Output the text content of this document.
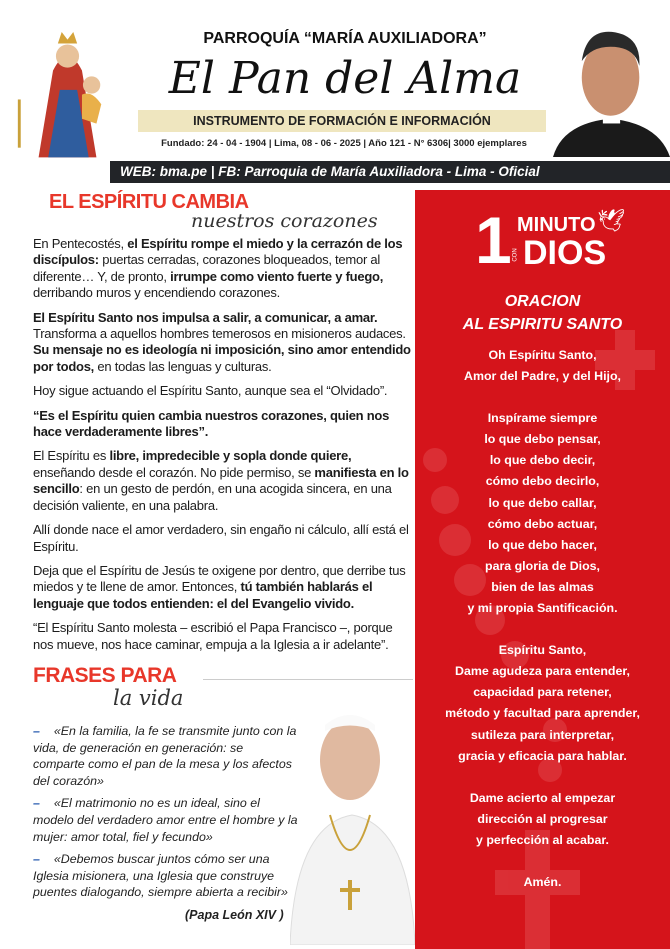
PARROQUÍA “MARÍA AUXILIADORA”
El Pan del Alma
INSTRUMENTO DE FORMACIÓN E INFORMACIÓN
Fundado: 24 - 04 - 1904 | Lima, 08 - 06 - 2025 | Año 121 - N° 6306| 3000 ejemplares
WEB: bma.pe | FB: Parroquia de María Auxiliadora - Lima - Oficial
EL ESPÍRITU CAMBIA
nuestros corazones

En Pentecostés, el Espíritu rompe el miedo y la cerrazón de los discípulos: puertas cerradas, corazones bloqueados, temor al diferente… Y, de pronto, irrumpe como viento fuerte y fuego, derribando muros y encendiendo corazones.

El Espíritu Santo nos impulsa a salir, a comunicar, a amar. Transforma a aquellos hombres temerosos en misioneros audaces. Su mensaje no es ideología ni imposición, sino amor entendido por todos, en todas las lenguas y culturas.

Hoy sigue actuando el Espíritu Santo, aunque sea el “Olvidado”.

“Es el Espíritu quien cambia nuestros corazones, quien nos hace verdaderamente libres”.

El Espíritu es libre, impredecible y sopla donde quiere, enseñando desde el corazón. No pide permiso, se manifiesta en lo sencillo: en un gesto de perdón, en una acogida sincera, en una decisión valiente, en una palabra.

Allí donde nace el amor verdadero, sin engaño ni cálculo, allí está el Espíritu.

Deja que el Espíritu de Jesús te oxigene por dentro, que derribe tus miedos y te llene de amor. Entonces, tú también hablarás el lenguaje que todos entienden: el del Evangelio vivido.

“El Espíritu Santo molesta – escribió el Papa Francisco –, porque nos mueve, nos hace caminar, empuja a la Iglesia a ir adelante”.

FRASES PARA
la vida
– «En la familia, la fe se transmite junto con la vida, de generación en generación: se comparte como el pan de la mesa y los afectos del corazón»
– «El matrimonio no es un ideal, sino el modelo del verdadero amor entre el hombre y la mujer: amor total, fiel y fecundo»
– «Debemos buscar juntos cómo ser una Iglesia misionera, una Iglesia que construye puentes dialogando, siempre abierta a recibir»
(Papa León XIV )
1 MINUTO
CON DIOS
🕊
ORACION
AL ESPIRITU SANTO
Oh Espíritu Santo,
Amor del Padre, y del Hijo,
Inspírame siempre
lo que debo pensar,
lo que debo decir,
cómo debo decirlo,
lo que debo callar,
cómo debo actuar,
lo que debo hacer,
para gloria de Dios,
bien de las almas
y mi propia Santificación.
Espíritu Santo,
Dame agudeza para entender,
capacidad para retener,
método y facultad para aprender,
sutileza para interpretar,
gracia y eficacia para hablar.
Dame acierto al empezar
dirección al progresar
y perfección al acabar.
Amén.
